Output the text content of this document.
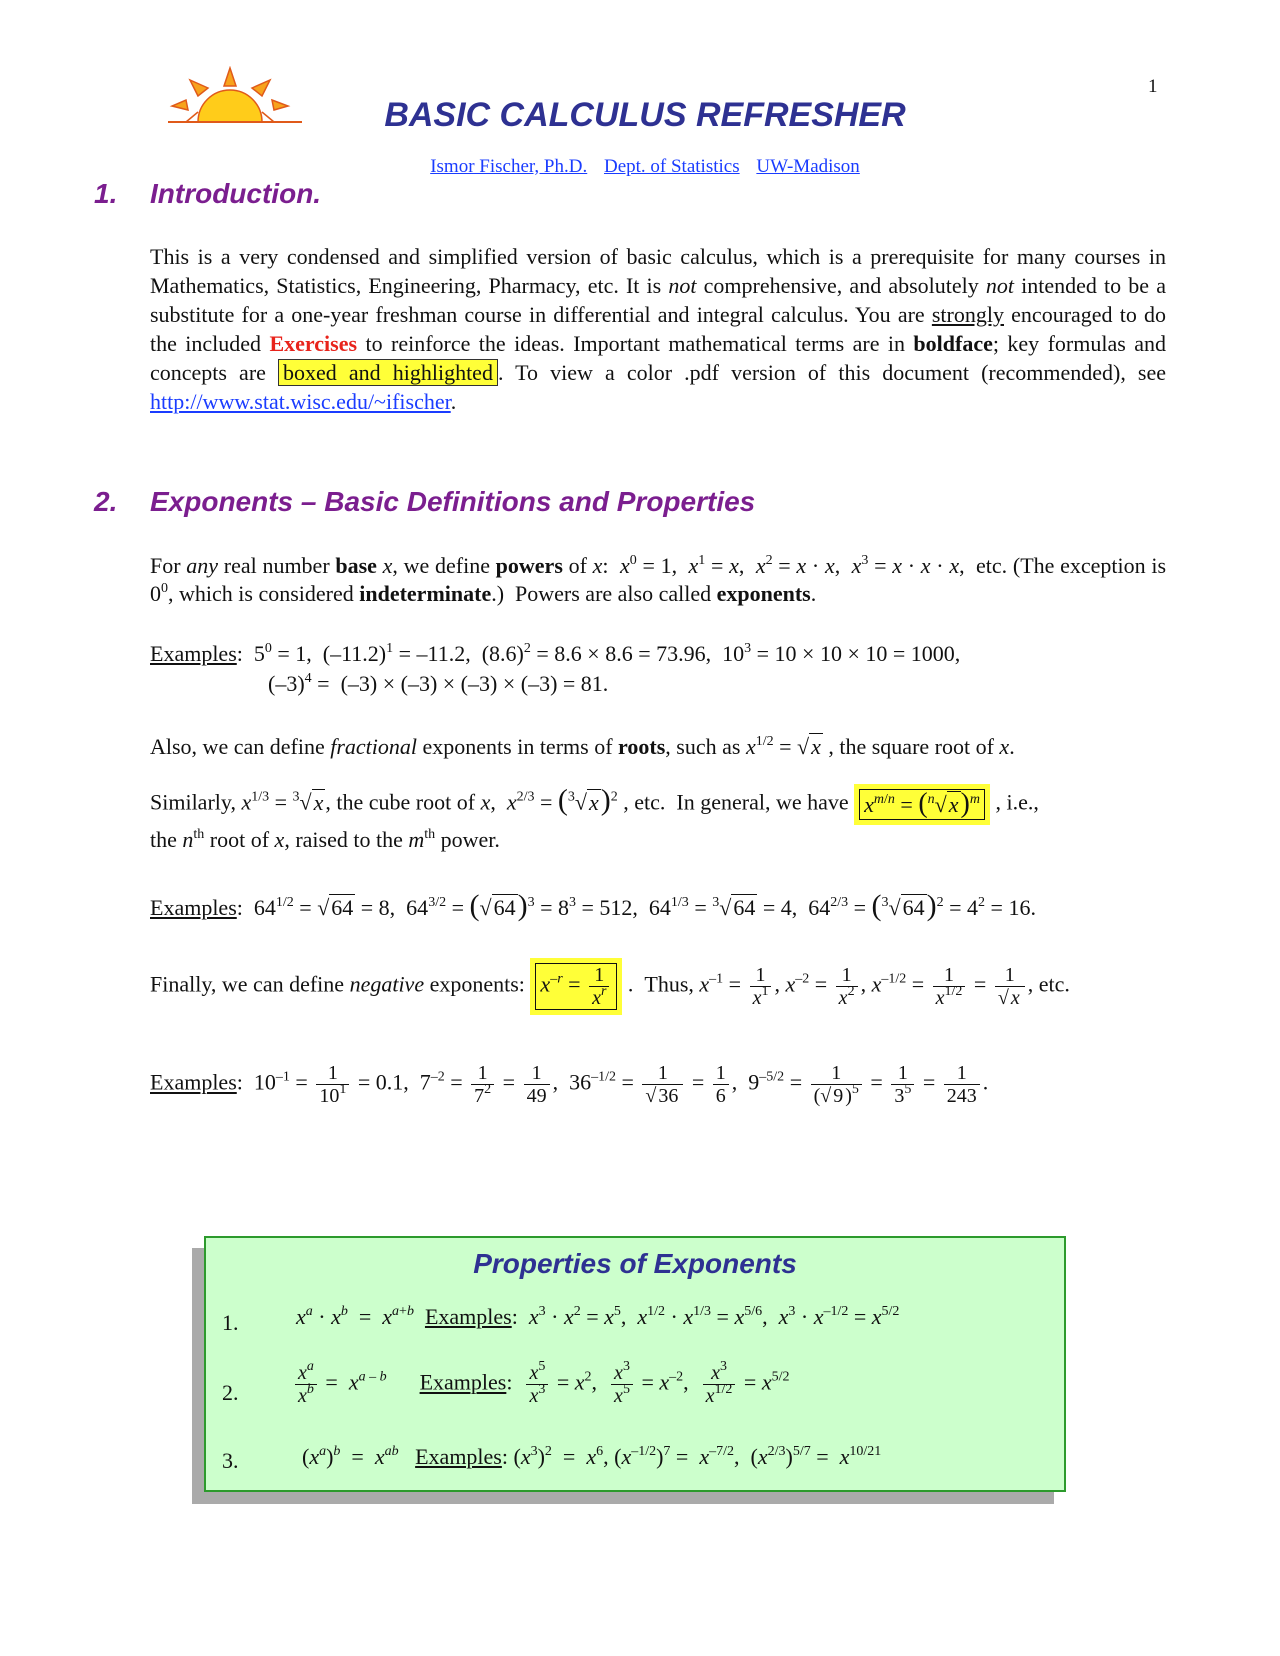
1
BASIC CALCULUS REFRESHER
Ismor Fischer, Ph.D. Dept. of Statistics UW-Madison
1. Introduction.
This is a very condensed and simplified version of basic calculus, which is a prerequisite for many courses in Mathematics, Statistics, Engineering, Pharmacy, etc. It is not comprehensive, and absolutely not intended to be a substitute for a one-year freshman course in differential and integral calculus. You are strongly encouraged to do the included Exercises to reinforce the ideas. Important mathematical terms are in boldface; key formulas and concepts are boxed and highlighted . To view a color .pdf version of this document (recommended), see http://www.stat.wisc.edu/~ifischer.
2. Exponents – Basic Definitions and Properties
For any real number base x, we define powers of x:  $x^0 = 1$,  $x^1 = x$,  $x^2 = x \cdot x$,  $x^3 = x \cdot x \cdot x$,  etc. (The exception is $0^0$, which is considered indeterminate.)  Powers are also called exponents.
Examples:  $5^0 = 1$,  $(-11.2)^1 = -11.2$,  $(8.6)^2 = 8.6 \times 8.6 = 73.96$,  $10^3 = 10 \times 10 \times 10 = 1000$,
$(-3)^4 = (-3) \times (-3) \times (-3) \times (-3) = 81$.
Also, we can define fractional exponents in terms of roots, such as $x^{1/2} = √x$ , the square root of x.
Similarly, $x^{1/3} = ^3√x$, the cube root of x,  $x^{2/3} = (^3√x)^2$ , etc.  In general, we have $x^{m/n} = (^n√x)^m$ , i.e.,
the $n^{th}$ root of x, raised to the $m^{th}$ power.
Examples:  $64^{1/2} = √64 = 8$,  $64^{3/2} = (√64)^3 = 8^3 = 512$,  $64^{1/3} = ^3√64 = 4$,  $64^{2/3} = (^3√64)^2 = 4^2 = 16$.
Finally, we can define negative exponents: $x^{-r} = \frac{1}{x^r}$ .  Thus, $x^{-1} = \frac{1}{x^1}$ , $x^{-2} = \frac{1}{x^2}$ , $x^{-1/2} = \frac{1}{x^{1/2}} = \frac{1}{√ x}$ , etc.
Examples:  $10^{-1} = \frac{1}{10^1} = 0.1$,  $7^{-2} = \frac{1}{7^2} = \frac{1}{49}$ ,  $36^{-1/2} = \frac{1}{√ 36} = \frac{1}{6}$ ,  $9^{-5/2} = \frac{1}{(√ 9 )^5} = \frac{1}{3^5} = \frac{1}{243}$ .
Properties of Exponents
1.	$x^a \cdot x^b = x^{a+b}$ Examples:  $x^3 \cdot x^2 = x^5$,  $x^{1/2} \cdot x^{1/3} = x^{5/6}$,  $x^3 \cdot x^{-1/2} = x^{5/2}$
2.	$\frac{x^a}{x^b} = x^{a - b}$ Examples: $\frac{x^5}{x^3} = x^2$, $\frac{x^3}{x^5} = x^{-2}$, $\frac{x^3}{x^{1/2}} = x^{5/2}$
3.	$(x^a)^b = x^{ab}$ Examples: $(x^3)^2 = x^6$, $(x^{-1/2})^7 = x^{-7/2}$,  $(x^{2/3})^{5/7} = x^{10/21}$
